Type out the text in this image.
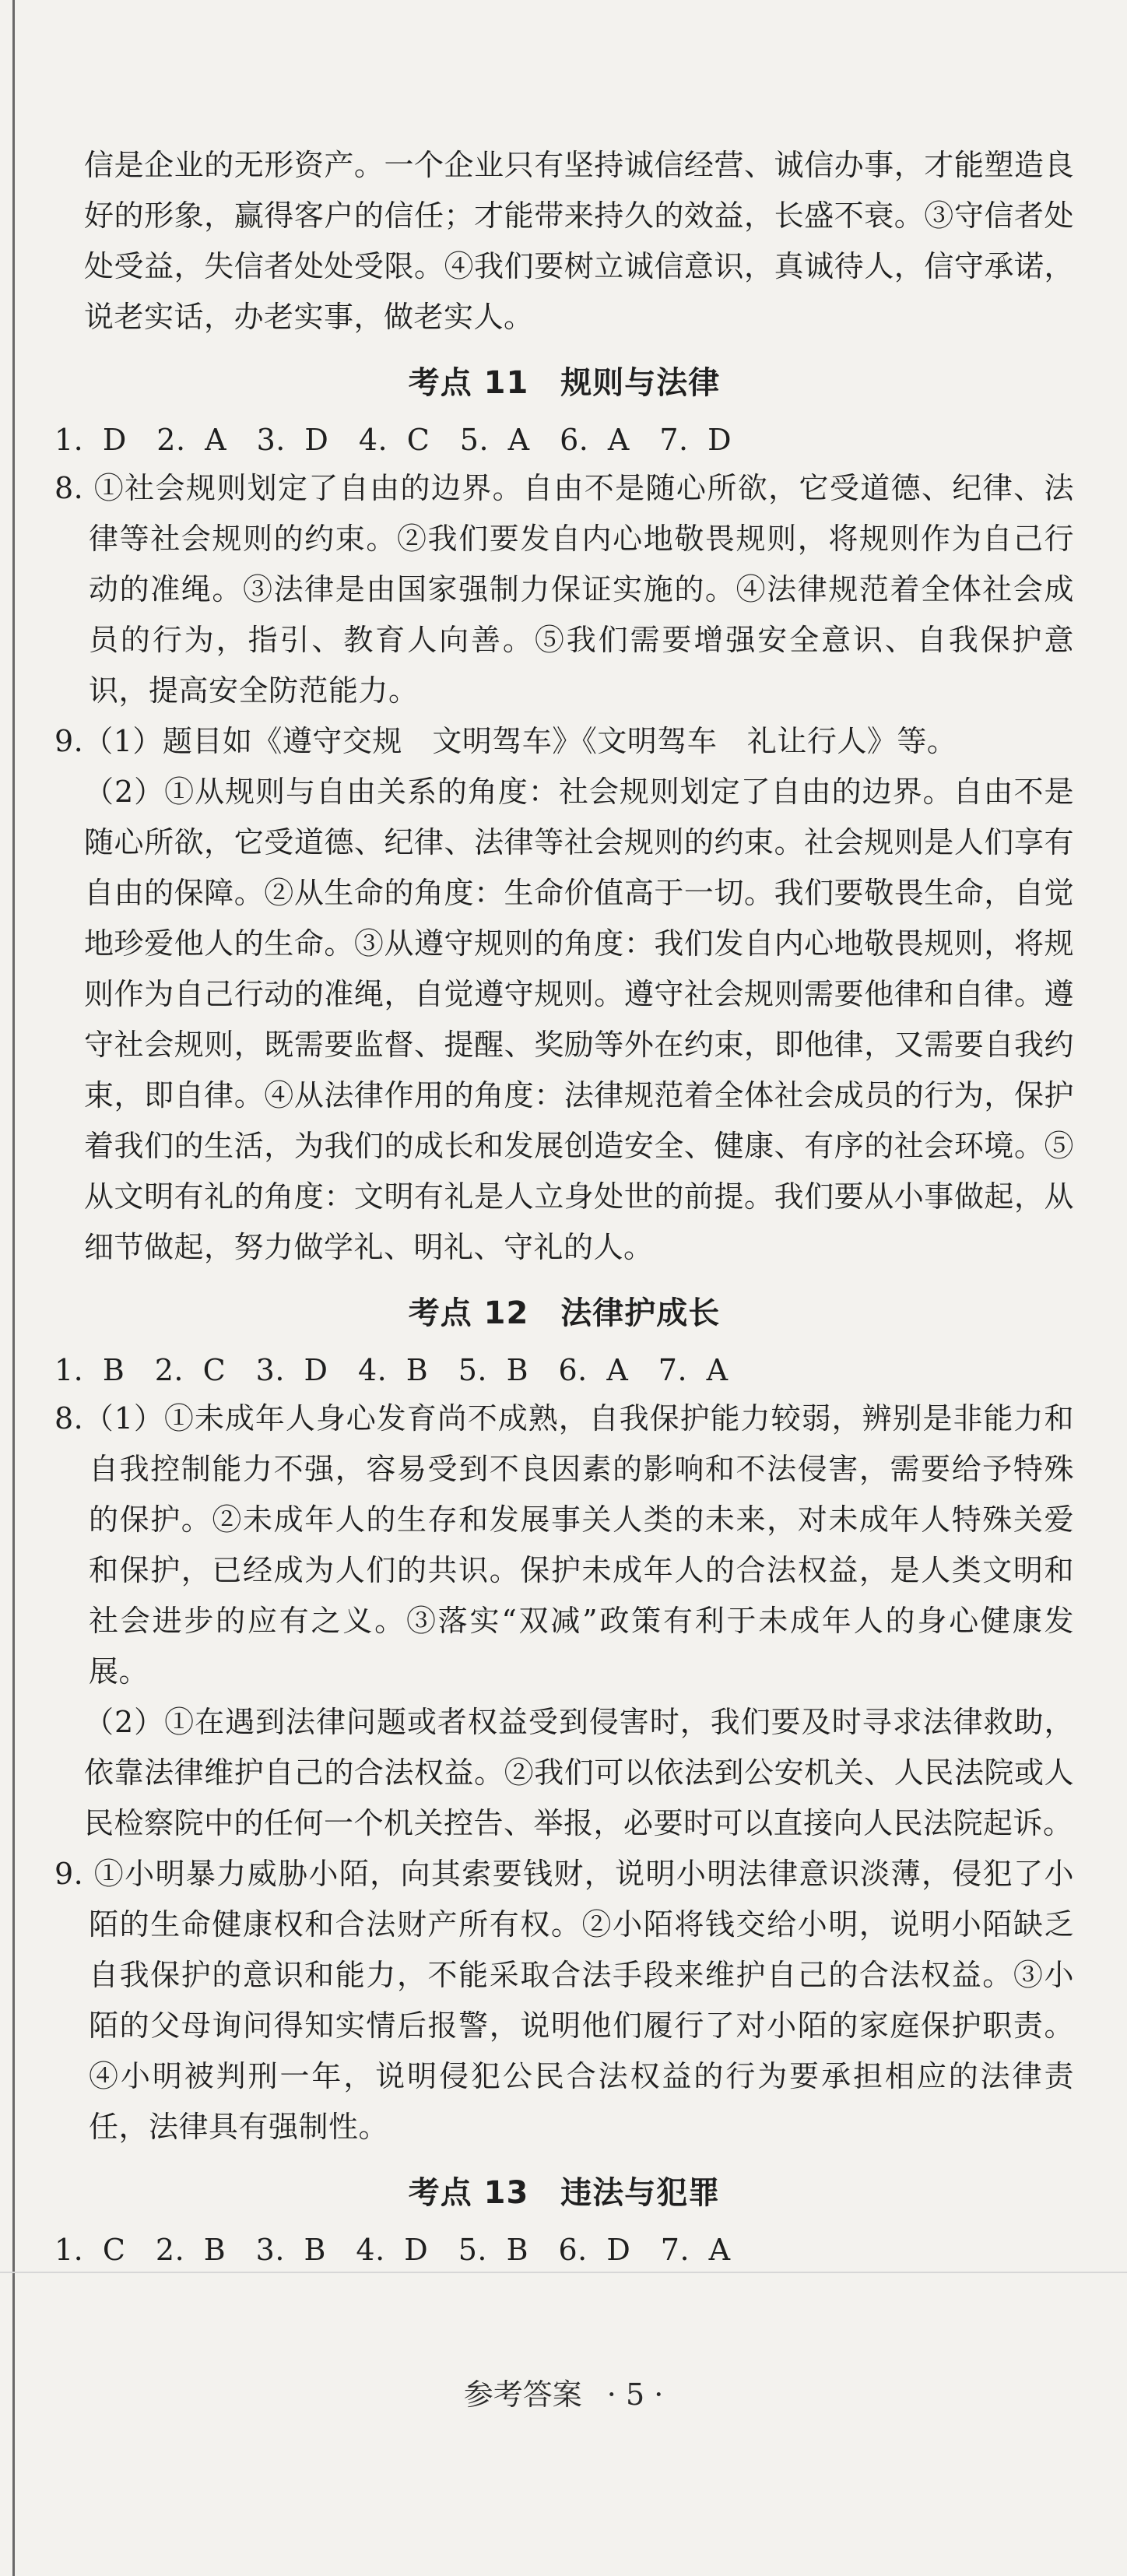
信是企业的无形资产。一个企业只有坚持诚信经营、诚信办事，才能塑造良好的形象，赢得客户的信任；才能带来持久的效益，长盛不衰。③守信者处处受益，失信者处处受限。④我们要树立诚信意识，真诚待人，信守承诺，说老实话，办老实事，做老实人。

考点 11　规则与法律

1. D　2. A　3. D　4. C　5. A　6. A　7. D

8. ①社会规则划定了自由的边界。自由不是随心所欲，它受道德、纪律、法律等社会规则的约束。②我们要发自内心地敬畏规则，将规则作为自己行动的准绳。③法律是由国家强制力保证实施的。④法律规范着全体社会成员的行为，指引、教育人向善。⑤我们需要增强安全意识、自我保护意识，提高安全防范能力。

9.（1）题目如《遵守交规　文明驾车》《文明驾车　礼让行人》等。

（2）①从规则与自由关系的角度：社会规则划定了自由的边界。自由不是随心所欲，它受道德、纪律、法律等社会规则的约束。社会规则是人们享有自由的保障。②从生命的角度：生命价值高于一切。我们要敬畏生命，自觉地珍爱他人的生命。③从遵守规则的角度：我们发自内心地敬畏规则，将规则作为自己行动的准绳，自觉遵守规则。遵守社会规则需要他律和自律。遵守社会规则，既需要监督、提醒、奖励等外在约束，即他律，又需要自我约束，即自律。④从法律作用的角度：法律规范着全体社会成员的行为，保护着我们的生活，为我们的成长和发展创造安全、健康、有序的社会环境。⑤从文明有礼的角度：文明有礼是人立身处世的前提。我们要从小事做起，从细节做起，努力做学礼、明礼、守礼的人。

考点 12　法律护成长

1. B　2. C　3. D　4. B　5. B　6. A　7. A

8.（1）①未成年人身心发育尚不成熟，自我保护能力较弱，辨别是非能力和自我控制能力不强，容易受到不良因素的影响和不法侵害，需要给予特殊的保护。②未成年人的生存和发展事关人类的未来，对未成年人特殊关爱和保护，已经成为人们的共识。保护未成年人的合法权益，是人类文明和社会进步的应有之义。③落实“双减”政策有利于未成年人的身心健康发展。

（2）①在遇到法律问题或者权益受到侵害时，我们要及时寻求法律救助，依靠法律维护自己的合法权益。②我们可以依法到公安机关、人民法院或人民检察院中的任何一个机关控告、举报，必要时可以直接向人民法院起诉。

9. ①小明暴力威胁小陌，向其索要钱财，说明小明法律意识淡薄，侵犯了小陌的生命健康权和合法财产所有权。②小陌将钱交给小明，说明小陌缺乏自我保护的意识和能力，不能采取合法手段来维护自己的合法权益。③小陌的父母询问得知实情后报警，说明他们履行了对小陌的家庭保护职责。④小明被判刑一年，说明侵犯公民合法权益的行为要承担相应的法律责任，法律具有强制性。

考点 13　违法与犯罪

1. C　2. B　3. B　4. D　5. B　6. D　7. A

参考答案 · 5 ·
